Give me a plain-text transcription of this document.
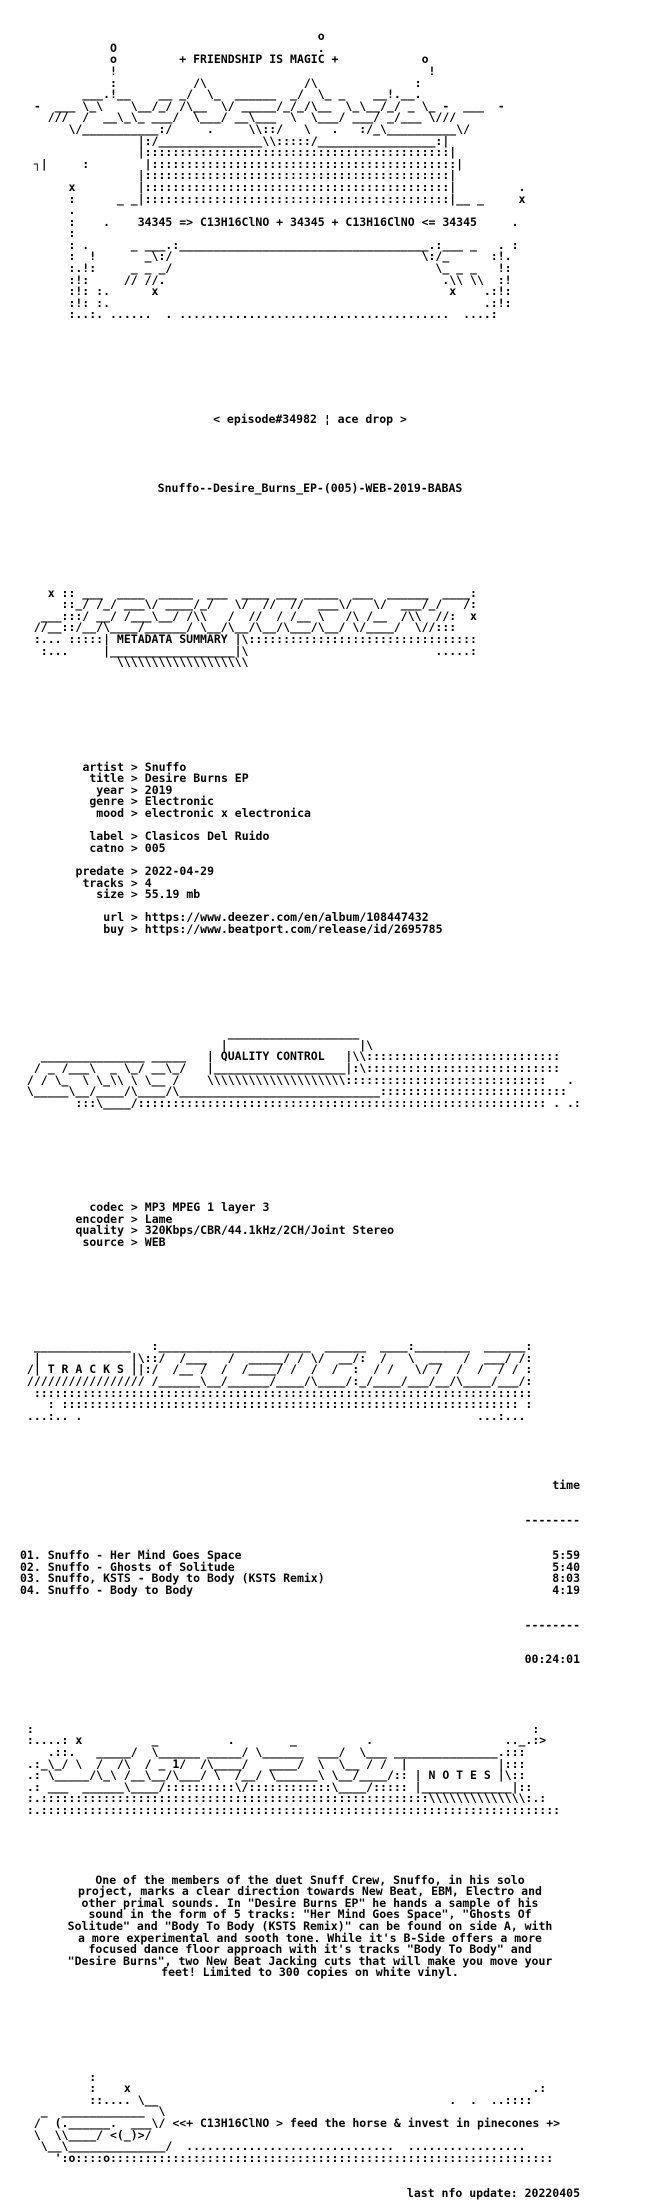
o
O                             .
o         + FRIENDSHIP IS MAGIC +            o
!                                             !
:           /\              /\              :
___.!__    __ _/  \_  ______  _/  \_ _    __!.__.
-  ___ \_\    \__/_/ /\__  \/ _____/_/_/\__  \_\__/_/ _ \_ -  ___  -
///  /  __\_\_ ___/  \___/ __\___  \  \___/ ___/ _/___ \///
\/___________:/     .     \\::/   \   .   :/_\__________\/
|:/_______________\\:::::/_________________:|
|::::::::::::::::::::::::::::::::::::::::::::|
┐|     :        |::::::::::::::::::::::::::::::::::::::::::::|
|::::::::::::::::::::::::::::::::::::::::::::|
x         |::::::::::::::::::::::::::::::::::::::::::::|         .
:      _ _|::::::::::::::::::::::::::::::::::::::::::::|__ _     x
.
:    .    34345 => C13H16ClNO + 34345 + C13H16ClNO <= 34345     .
:
: .      _ ___.:____________________________________.:___ _   . :
:  !       _\:/                                    \:/_      :!.
:.!:     _ _ _/                                      \_ _ _   !:
:!:     // //.                                        .\\ \\  :!
:!: :.      x                                          x    .:!:
:!: :.                                                      .:!:
:..:. ......  . .......................................  ....:

< episode#34982 ¦ ace drop >

Snuffo--Desire_Burns_EP-(005)-WEB-2019-BABAS

x :: ___  ____  _____  ___  ____ ___ _____  ___  ______  ____:
::_/ /_/ ___\/ ____/_/   \/  //  //  ___\/   \/  ___/_/   /:
___:::/ __/ /___\__/ /\\   /  //  / /__ \   /\ /__  /\\  //:  x
//__::/__/\____/______/ \__/\__/\__/\___/\__/ \/____/  \//:::
:... :::::| METADATA SUMMARY |\:::::::::::::::::::::::::::::::::
:...     |__________________|\                           .....:
\\\\\\\\\\\\\\\\\\\

artist > Snuffo
title > Desire Burns EP
year > 2019
genre > Electronic
mood > electronic x electronica

label > Clasicos Del Ruido
catno > 005

predate > 2022-04-29
tracks > 4
size > 55.19 mb

url > https://www.deezer.com/en/album/108447432
buy > https://www.beatport.com/release/id/2695785

___________________
|                   |\
_______________ _____   | QUALITY CONTROL   |\\::::::::::::::::::::::::::::
/ _ /___\  _ \_/ __\_/   |___________________|:\::::::::::::::::::::::::::::
/ / \_  \ \_\\ \ \__ /    \\\\\\\\\\\\\\\\\\\\:::::::::::::::::::::::::::::   .
\_____\__/____/\____/\_____________________________:::::::::::::::::::::::::::
:::\____/::::::::::::::::::::::::::::::::::::::::::::::::::::::::::: . .:

codec > MP3 MPEG 1 layer 3
encoder > Lame
quality > 320Kbps/CBR/44.1kHz/2CH/Joint Stereo
source > WEB

______________   :______________________  ______  ____:________  ______:
|             |\::/  /___   /  _____/ / \/  __/:  /   \  __   /  ___/ /:
/| T R A C K S ||:/  /__ /  /  /____/ /  /  /  :  / /   \/ /  /  /  / / :
///////////////// /______\__/______/____/\____/:_/____/___/__/\____/___/:
::::::::::::::::::::::::::::::::::::::::::::::::::::::::::::::::::::::::
: :::::::::::::::::::::::::::::::::::::::::::::::::::::::::::::::::: :
...:.. .                                                         ...:...

time

--------

01. Snuffo - Her Mind Goes Space	5:59
02. Snuffo - Ghosts of Solitude	5:40
03. Snuffo, KSTS - Body to Body (KSTS Remix)	8:03
04. Snuffo - Body to Body	4:19

--------

00:24:01

:                                                                        :
:....: x          _          .        _          .                   .._.:>
.::.   _____/  \______ _____/ \______  ___/  \___ _______________.:::
.:_\_/ \  /  /\  / _ 1/  /\____/   ____/  \  \__ / /  |             |:::
.: \_____/\_\ /__\__/\___/ \  /__/ \______\ \__/____/:: | N O T E S |\::
.: ___  ______\____/::::::::::\/::::::::::::\____/::::: |_____________|::
:.::::::::::::::::::::::::::::::::::::::::::::::::::::::::\\\\\\\\\\\\\\:.:
:.:::::::::::::::::::::::::::::::::::::::::::::::::::::::::::::::::::::::::::

One of the members of the duet Snuff Crew, Snuffo, in his solo
project, marks a clear direction towards New Beat, EBM, Electro and
other primal sounds. In "Desire Burns EP" he hands a sample of his
sound in the form of 5 tracks: "Her Mind Goes Space", "Ghosts Of
Solitude" and "Body To Body (KSTS Remix)" can be found on side A, with
a more experimental and sooth tone. While it's B-Side offers a more
focused dance floor approach with it's tracks "Body To Body" and
"Desire Burns", two New Beat Jacking cuts that will make you move your
feet! Limited to 300 copies on white vinyl.

:
:    x                                                          .:
::.... \__                                          .  .  ..::::
_  ____________  \
/  (.______.  ___\/ <<+ C13H16ClNO > feed the horse & invest in pinecones +>
\  \\____/ <(_)>/
\__\______________/  ..............................  .................
':o::::o::::::::::::::::::::::::::::::::::::::::::::::::::::::::::::::::

last nfo update: 20220405
